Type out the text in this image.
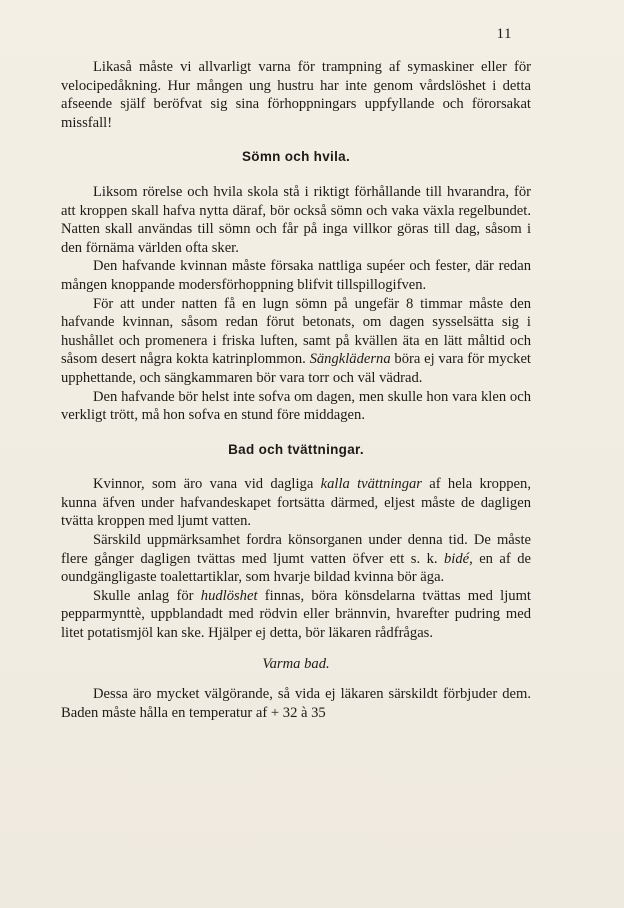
11

Likaså måste vi allvarligt varna för trampning af symaskiner eller för velocipedåkning. Hur mången ung hustru har inte genom vårdslöshet i detta afseende själf beröfvat sig sina förhoppningars uppfyllande och förorsakat missfall!

Sömn och hvila.

Liksom rörelse och hvila skola stå i riktigt förhållande till hvarandra, för att kroppen skall hafva nytta däraf, bör också sömn och vaka växla regelbundet. Natten skall användas till sömn och får på inga villkor göras till dag, såsom i den förnäma världen ofta sker.

Den hafvande kvinnan måste försaka nattliga supéer och fester, där redan mången knoppande modersförhoppning blifvit tillspillogifven.

För att under natten få en lugn sömn på ungefär 8 timmar måste den hafvande kvinnan, såsom redan förut betonats, om dagen sysselsätta sig i hushållet och promenera i friska luften, samt på kvällen äta en lätt måltid och såsom desert några kokta katrinplommon. Sängkläderna böra ej vara för mycket upphettande, och sängkammaren bör vara torr och väl vädrad.

Den hafvande bör helst inte sofva om dagen, men skulle hon vara klen och verkligt trött, må hon sofva en stund före middagen.

Bad och tvättningar.

Kvinnor, som äro vana vid dagliga kalla tvättningar af hela kroppen, kunna äfven under hafvandeskapet fortsätta därmed, eljest måste de dagligen tvätta kroppen med ljumt vatten.

Särskild uppmärksamhet fordra könsorganen under denna tid. De måste flere gånger dagligen tvättas med ljumt vatten öfver ett s. k. bidé, en af de oundgängligaste toalettartiklar, som hvarje bildad kvinna bör äga.

Skulle anlag för hudlöshet finnas, böra könsdelarna tvättas med ljumt pepparmynttè, uppblandadt med rödvin eller brännvin, hvarefter pudring med litet potatismjöl kan ske. Hjälper ej detta, bör läkaren rådfrågas.

Varma bad.

Dessa äro mycket välgörande, så vida ej läkaren särskildt förbjuder dem. Baden måste hålla en temperatur af + 32 à 35
